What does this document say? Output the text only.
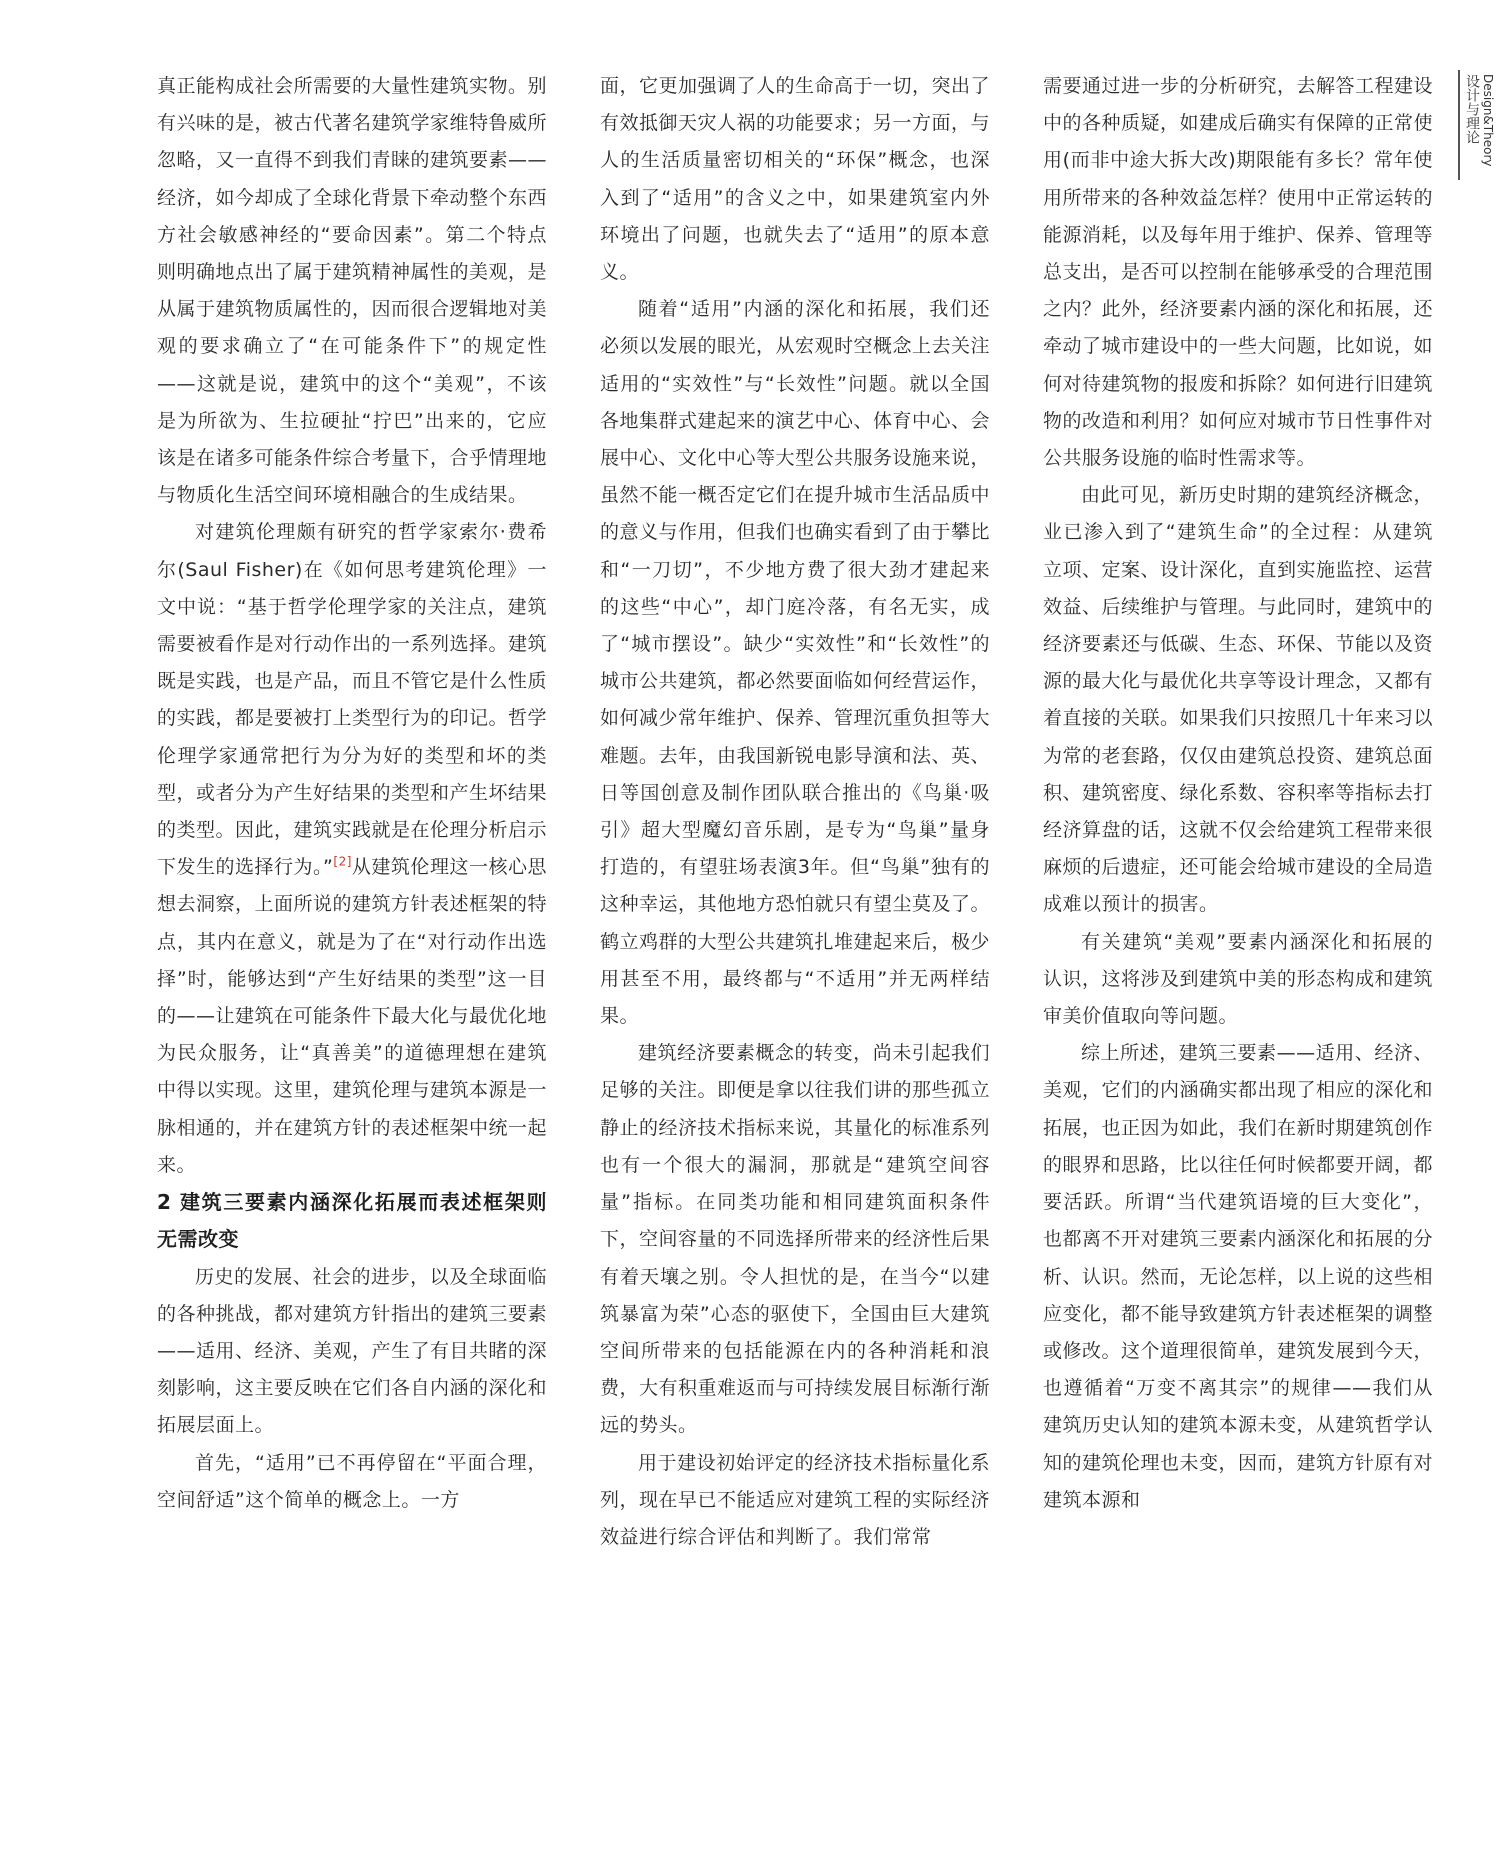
设计与理论 Design&Theory

真正能构成社会所需要的大量性建筑实物。别有兴味的是，被古代著名建筑学家维特鲁威所忽略，又一直得不到我们青睐的建筑要素——经济，如今却成了全球化背景下牵动整个东西方社会敏感神经的“要命因素”。第二个特点则明确地点出了属于建筑精神属性的美观，是从属于建筑物质属性的，因而很合逻辑地对美观的要求确立了“在可能条件下”的规定性——这就是说，建筑中的这个“美观”，不该是为所欲为、生拉硬扯“拧巴”出来的，它应该是在诸多可能条件综合考量下，合乎情理地与物质化生活空间环境相融合的生成结果。

对建筑伦理颇有研究的哲学家索尔·费希尔(Saul Fisher)在《如何思考建筑伦理》一文中说：“基于哲学伦理学家的关注点，建筑需要被看作是对行动作出的一系列选择。建筑既是实践，也是产品，而且不管它是什么性质的实践，都是要被打上类型行为的印记。哲学伦理学家通常把行为分为好的类型和坏的类型，或者分为产生好结果的类型和产生坏结果的类型。因此，建筑实践就是在伦理分析启示下发生的选择行为。”[2]从建筑伦理这一核心思想去洞察，上面所说的建筑方针表述框架的特点，其内在意义，就是为了在“对行动作出选择”时，能够达到“产生好结果的类型”这一目的——让建筑在可能条件下最大化与最优化地为民众服务，让“真善美”的道德理想在建筑中得以实现。这里，建筑伦理与建筑本源是一脉相通的，并在建筑方针的表述框架中统一起来。

2 建筑三要素内涵深化拓展而表述框架则无需改变

历史的发展、社会的进步，以及全球面临的各种挑战，都对建筑方针指出的建筑三要素——适用、经济、美观，产生了有目共睹的深刻影响，这主要反映在它们各自内涵的深化和拓展层面上。

首先，“适用”已不再停留在“平面合理，空间舒适”这个简单的概念上。一方

面，它更加强调了人的生命高于一切，突出了有效抵御天灾人祸的功能要求；另一方面，与人的生活质量密切相关的“环保”概念，也深入到了“适用”的含义之中，如果建筑室内外环境出了问题，也就失去了“适用”的原本意义。

随着“适用”内涵的深化和拓展，我们还必须以发展的眼光，从宏观时空概念上去关注适用的“实效性”与“长效性”问题。就以全国各地集群式建起来的演艺中心、体育中心、会展中心、文化中心等大型公共服务设施来说，虽然不能一概否定它们在提升城市生活品质中的意义与作用，但我们也确实看到了由于攀比和“一刀切”，不少地方费了很大劲才建起来的这些“中心”，却门庭冷落，有名无实，成了“城市摆设”。缺少“实效性”和“长效性”的城市公共建筑，都必然要面临如何经营运作，如何减少常年维护、保养、管理沉重负担等大难题。去年，由我国新锐电影导演和法、英、日等国创意及制作团队联合推出的《鸟巢·吸引》超大型魔幻音乐剧，是专为“鸟巢”量身打造的，有望驻场表演3年。但“鸟巢”独有的这种幸运，其他地方恐怕就只有望尘莫及了。鹤立鸡群的大型公共建筑扎堆建起来后，极少用甚至不用，最终都与“不适用”并无两样结果。

建筑经济要素概念的转变，尚未引起我们足够的关注。即便是拿以往我们讲的那些孤立静止的经济技术指标来说，其量化的标准系列也有一个很大的漏洞，那就是“建筑空间容量”指标。在同类功能和相同建筑面积条件下，空间容量的不同选择所带来的经济性后果有着天壤之别。令人担忧的是，在当今“以建筑暴富为荣”心态的驱使下，全国由巨大建筑空间所带来的包括能源在内的各种消耗和浪费，大有积重难返而与可持续发展目标渐行渐远的势头。

用于建设初始评定的经济技术指标量化系列，现在早已不能适应对建筑工程的实际经济效益进行综合评估和判断了。我们常常

需要通过进一步的分析研究，去解答工程建设中的各种质疑，如建成后确实有保障的正常使用(而非中途大拆大改)期限能有多长？常年使用所带来的各种效益怎样？使用中正常运转的能源消耗，以及每年用于维护、保养、管理等总支出，是否可以控制在能够承受的合理范围之内？此外，经济要素内涵的深化和拓展，还牵动了城市建设中的一些大问题，比如说，如何对待建筑物的报废和拆除？如何进行旧建筑物的改造和利用？如何应对城市节日性事件对公共服务设施的临时性需求等。

由此可见，新历史时期的建筑经济概念，业已渗入到了“建筑生命”的全过程：从建筑立项、定案、设计深化，直到实施监控、运营效益、后续维护与管理。与此同时，建筑中的经济要素还与低碳、生态、环保、节能以及资源的最大化与最优化共享等设计理念，又都有着直接的关联。如果我们只按照几十年来习以为常的老套路，仅仅由建筑总投资、建筑总面积、建筑密度、绿化系数、容积率等指标去打经济算盘的话，这就不仅会给建筑工程带来很麻烦的后遗症，还可能会给城市建设的全局造成难以预计的损害。

有关建筑“美观”要素内涵深化和拓展的认识，这将涉及到建筑中美的形态构成和建筑审美价值取向等问题。

综上所述，建筑三要素——适用、经济、美观，它们的内涵确实都出现了相应的深化和拓展，也正因为如此，我们在新时期建筑创作的眼界和思路，比以往任何时候都要开阔，都要活跃。所谓“当代建筑语境的巨大变化”，也都离不开对建筑三要素内涵深化和拓展的分析、认识。然而，无论怎样，以上说的这些相应变化，都不能导致建筑方针表述框架的调整或修改。这个道理很简单，建筑发展到今天，也遵循着“万变不离其宗”的规律——我们从建筑历史认知的建筑本源未变，从建筑哲学认知的建筑伦理也未变，因而，建筑方针原有对建筑本源和
